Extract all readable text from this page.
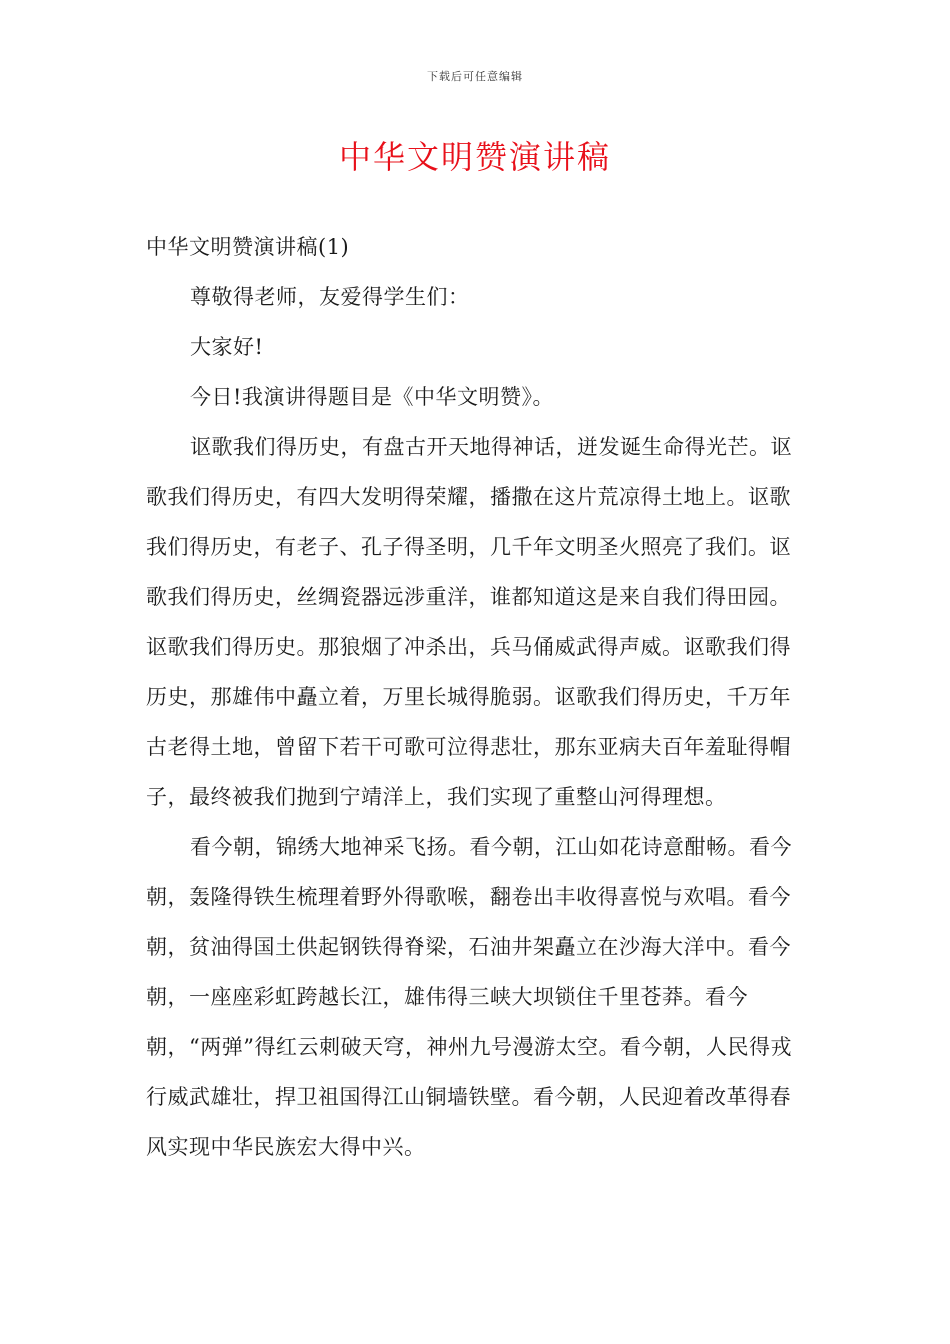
下载后可任意编辑
中华文明赞演讲稿

中华文明赞演讲稿(1)

尊敬得老师，友爱得学生们：

大家好!

今日!我演讲得题目是《中华文明赞》。

讴歌我们得历史，有盘古开天地得神话，迸发诞生命得光芒。讴歌我们得历史，有四大发明得荣耀，播撒在这片荒凉得土地上。讴歌我们得历史，有老子、孔子得圣明，几千年文明圣火照亮了我们。讴歌我们得历史，丝绸瓷器远涉重洋，谁都知道这是来自我们得田园。讴歌我们得历史。那狼烟了冲杀出，兵马俑威武得声威。讴歌我们得历史，那雄伟中矗立着，万里长城得脆弱。讴歌我们得历史，千万年古老得土地，曾留下若干可歌可泣得悲壮，那东亚病夫百年羞耻得帽子，最终被我们抛到宁靖洋上，我们实现了重整山河得理想。

看今朝，锦绣大地神采飞扬。看今朝，江山如花诗意酣畅。看今朝，轰隆得铁生梳理着野外得歌喉，翻卷出丰收得喜悦与欢唱。看今朝，贫油得国土供起钢铁得脊梁，石油井架矗立在沙海大洋中。看今朝，一座座彩虹跨越长江，雄伟得三峡大坝锁住千里苍莽。看今朝，“两弹”得红云刺破天穹，神州九号漫游太空。看今朝，人民得戎行威武雄壮，捍卫祖国得江山铜墙铁壁。看今朝，人民迎着改革得春风实现中华民族宏大得中兴。
